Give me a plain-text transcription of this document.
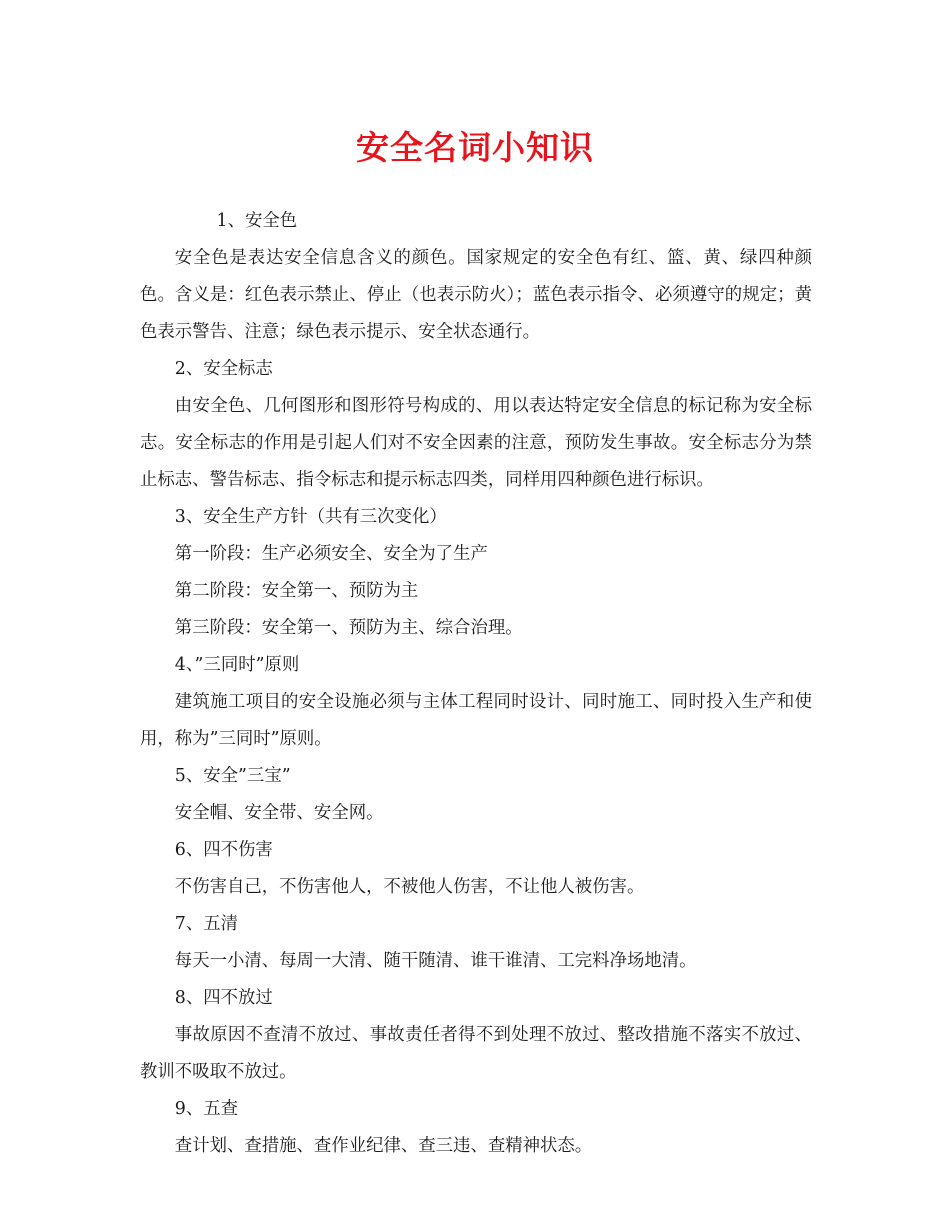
安全名词小知识

1、安全色

安全色是表达安全信息含义的颜色。国家规定的安全色有红、篮、黄、绿四种颜色。含义是：红色表示禁止、停止（也表示防火）；蓝色表示指令、必须遵守的规定；黄色表示警告、注意；绿色表示提示、安全状态通行。

2、安全标志

由安全色、几何图形和图形符号构成的、用以表达特定安全信息的标记称为安全标志。安全标志的作用是引起人们对不安全因素的注意，预防发生事故。安全标志分为禁止标志、警告标志、指令标志和提示标志四类，同样用四种颜色进行标识。

3、安全生产方针（共有三次变化）

第一阶段：生产必须安全、安全为了生产

第二阶段：安全第一、预防为主

第三阶段：安全第一、预防为主、综合治理。

4、”三同时”原则

建筑施工项目的安全设施必须与主体工程同时设计、同时施工、同时投入生产和使用，称为”三同时”原则。

5、安全”三宝”

安全帽、安全带、安全网。

6、四不伤害

不伤害自己，不伤害他人，不被他人伤害，不让他人被伤害。

7、五清

每天一小清、每周一大清、随干随清、谁干谁清、工完料净场地清。

8、四不放过

事故原因不查清不放过、事故责任者得不到处理不放过、整改措施不落实不放过、教训不吸取不放过。

9、五查

查计划、查措施、查作业纪律、查三违、查精神状态。
